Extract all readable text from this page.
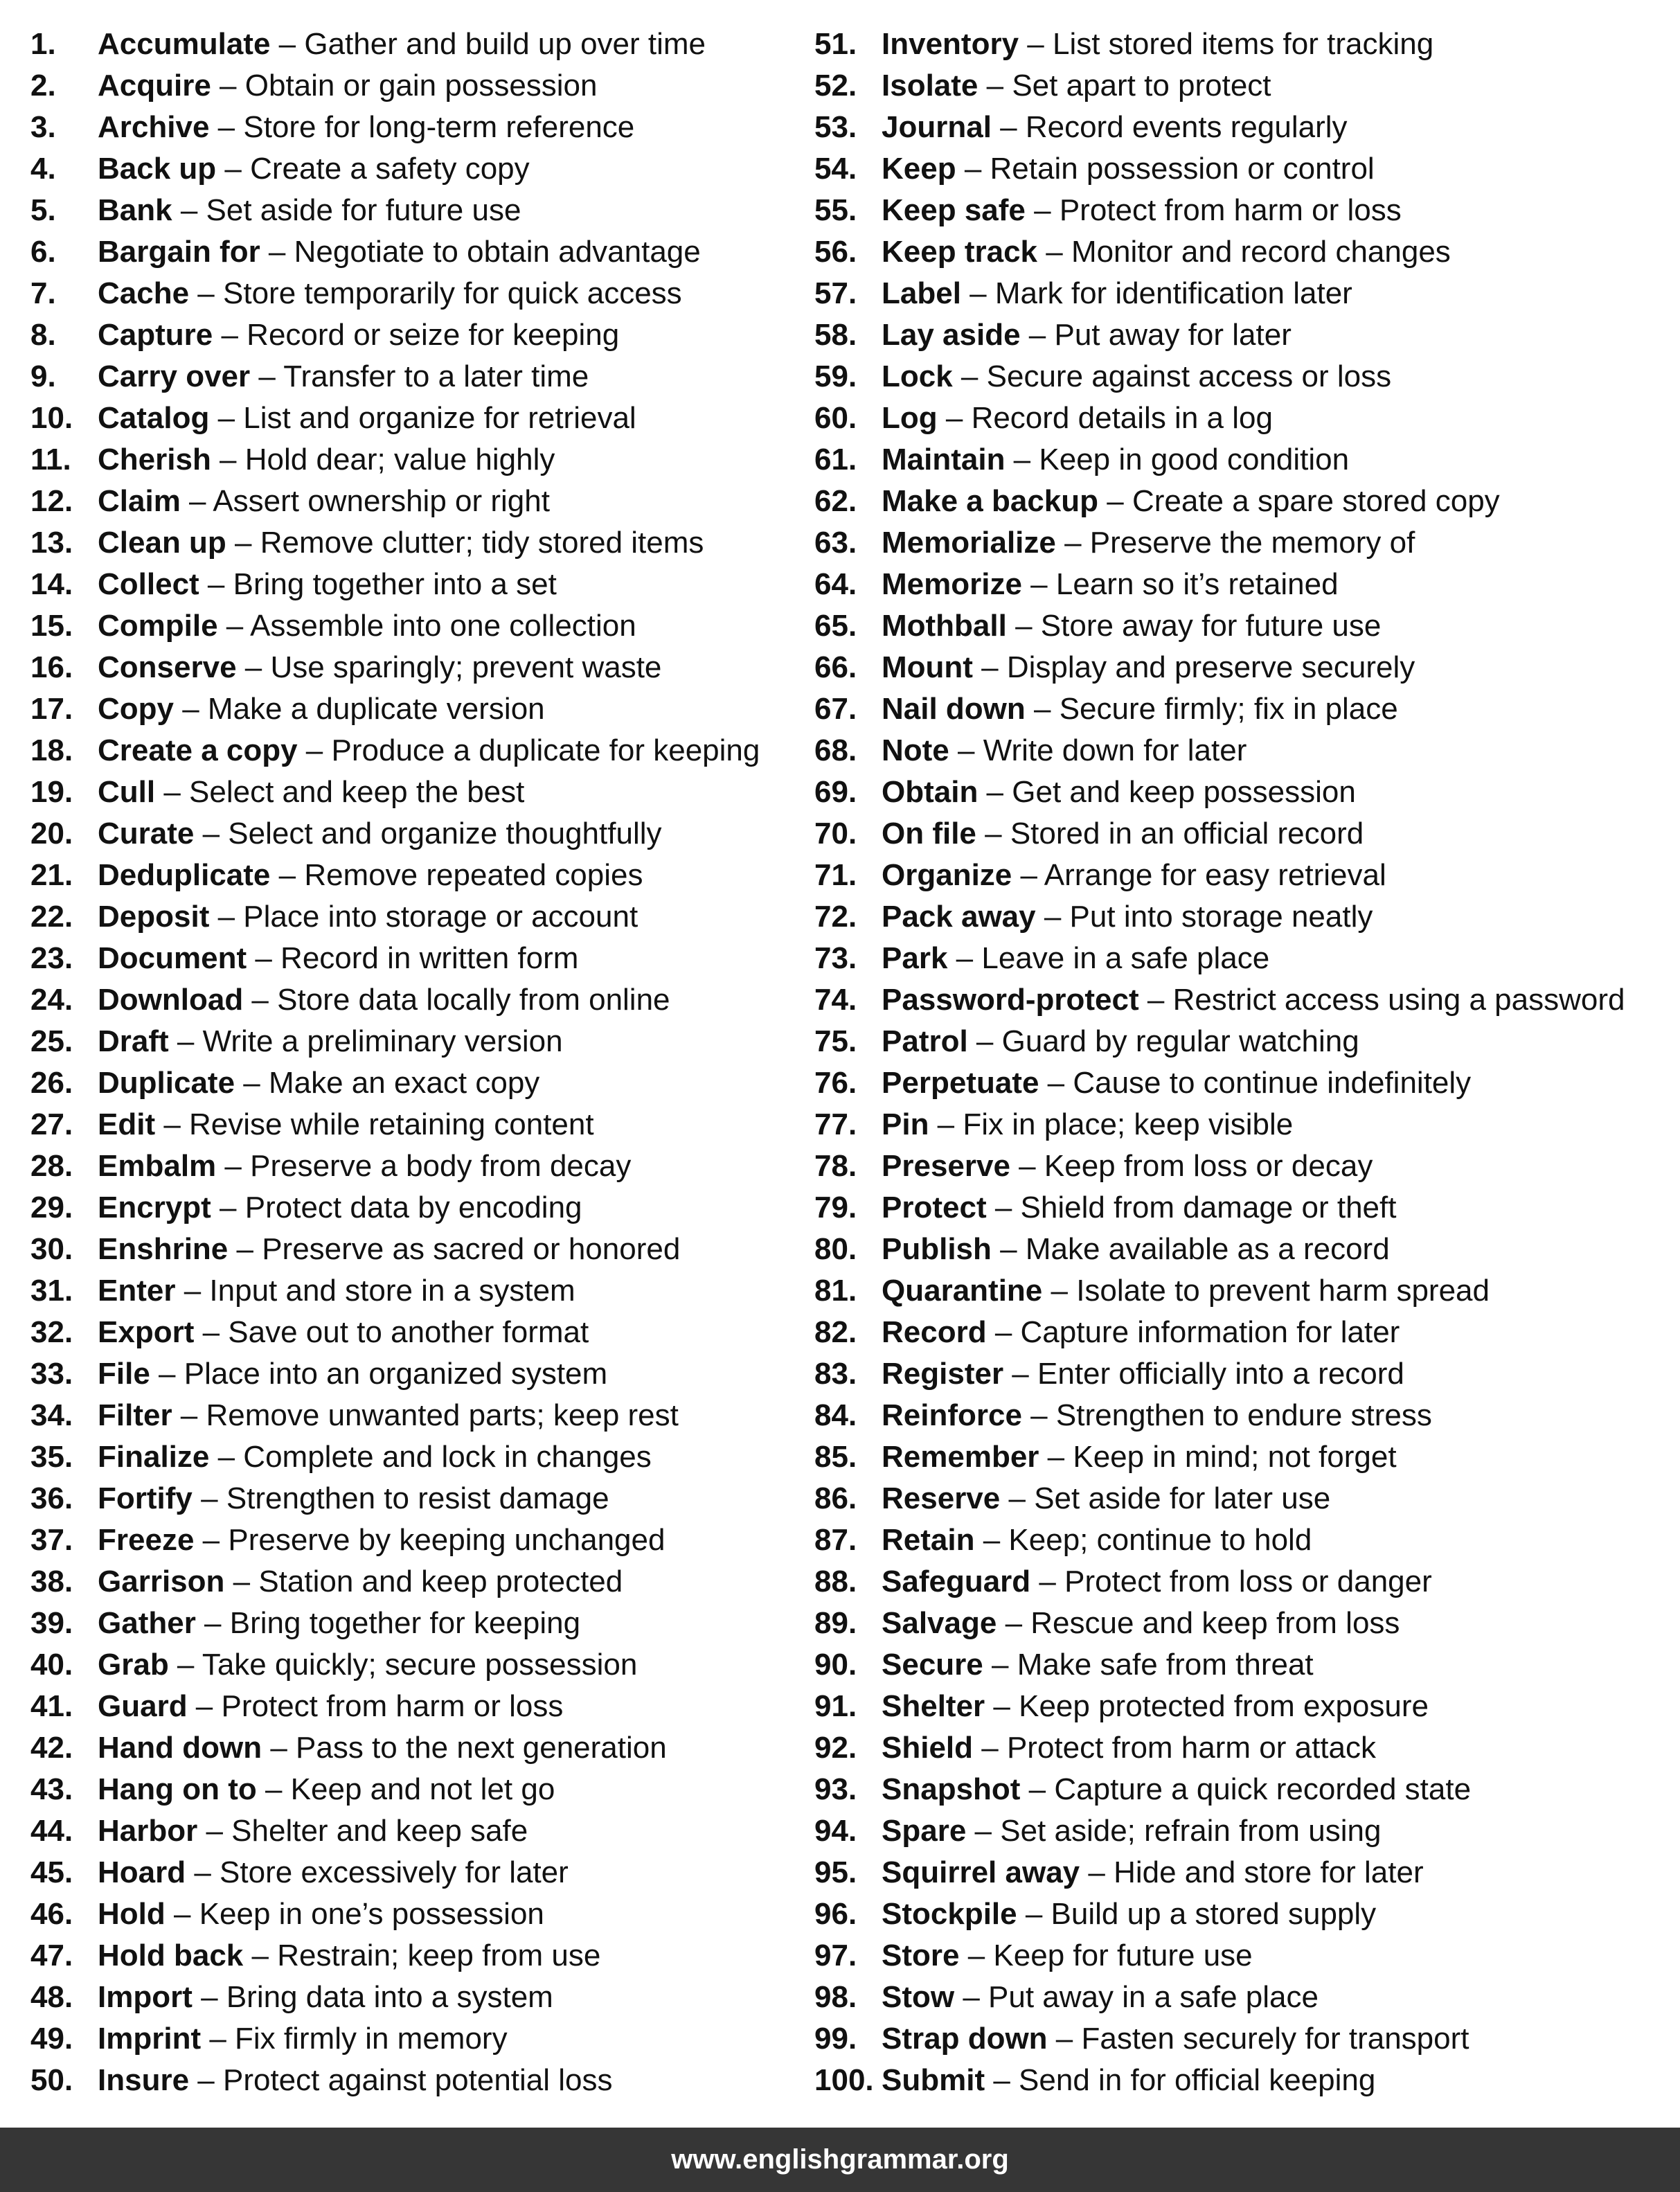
1. Accumulate – Gather and build up over time
2. Acquire – Obtain or gain possession
3. Archive – Store for long-term reference
4. Back up – Create a safety copy
5. Bank – Set aside for future use
6. Bargain for – Negotiate to obtain advantage
7. Cache – Store temporarily for quick access
8. Capture – Record or seize for keeping
9. Carry over – Transfer to a later time
10. Catalog – List and organize for retrieval
11. Cherish – Hold dear; value highly
12. Claim – Assert ownership or right
13. Clean up – Remove clutter; tidy stored items
14. Collect – Bring together into a set
15. Compile – Assemble into one collection
16. Conserve – Use sparingly; prevent waste
17. Copy – Make a duplicate version
18. Create a copy – Produce a duplicate for keeping
19. Cull – Select and keep the best
20. Curate – Select and organize thoughtfully
21. Deduplicate – Remove repeated copies
22. Deposit – Place into storage or account
23. Document – Record in written form
24. Download – Store data locally from online
25. Draft – Write a preliminary version
26. Duplicate – Make an exact copy
27. Edit – Revise while retaining content
28. Embalm – Preserve a body from decay
29. Encrypt – Protect data by encoding
30. Enshrine – Preserve as sacred or honored
31. Enter – Input and store in a system
32. Export – Save out to another format
33. File – Place into an organized system
34. Filter – Remove unwanted parts; keep rest
35. Finalize – Complete and lock in changes
36. Fortify – Strengthen to resist damage
37. Freeze – Preserve by keeping unchanged
38. Garrison – Station and keep protected
39. Gather – Bring together for keeping
40. Grab – Take quickly; secure possession
41. Guard – Protect from harm or loss
42. Hand down – Pass to the next generation
43. Hang on to – Keep and not let go
44. Harbor – Shelter and keep safe
45. Hoard – Store excessively for later
46. Hold – Keep in one’s possession
47. Hold back – Restrain; keep from use
48. Import – Bring data into a system
49. Imprint – Fix firmly in memory
50. Insure – Protect against potential loss
51. Inventory – List stored items for tracking
52. Isolate – Set apart to protect
53. Journal – Record events regularly
54. Keep – Retain possession or control
55. Keep safe – Protect from harm or loss
56. Keep track – Monitor and record changes
57. Label – Mark for identification later
58. Lay aside – Put away for later
59. Lock – Secure against access or loss
60. Log – Record details in a log
61. Maintain – Keep in good condition
62. Make a backup – Create a spare stored copy
63. Memorialize – Preserve the memory of
64. Memorize – Learn so it’s retained
65. Mothball – Store away for future use
66. Mount – Display and preserve securely
67. Nail down – Secure firmly; fix in place
68. Note – Write down for later
69. Obtain – Get and keep possession
70. On file – Stored in an official record
71. Organize – Arrange for easy retrieval
72. Pack away – Put into storage neatly
73. Park – Leave in a safe place
74. Password-protect – Restrict access using a password
75. Patrol – Guard by regular watching
76. Perpetuate – Cause to continue indefinitely
77. Pin – Fix in place; keep visible
78. Preserve – Keep from loss or decay
79. Protect – Shield from damage or theft
80. Publish – Make available as a record
81. Quarantine – Isolate to prevent harm spread
82. Record – Capture information for later
83. Register – Enter officially into a record
84. Reinforce – Strengthen to endure stress
85. Remember – Keep in mind; not forget
86. Reserve – Set aside for later use
87. Retain – Keep; continue to hold
88. Safeguard – Protect from loss or danger
89. Salvage – Rescue and keep from loss
90. Secure – Make safe from threat
91. Shelter – Keep protected from exposure
92. Shield – Protect from harm or attack
93. Snapshot – Capture a quick recorded state
94. Spare – Set aside; refrain from using
95. Squirrel away – Hide and store for later
96. Stockpile – Build up a stored supply
97. Store – Keep for future use
98. Stow – Put away in a safe place
99. Strap down – Fasten securely for transport
100. Submit – Send in for official keeping
www.englishgrammar.org
